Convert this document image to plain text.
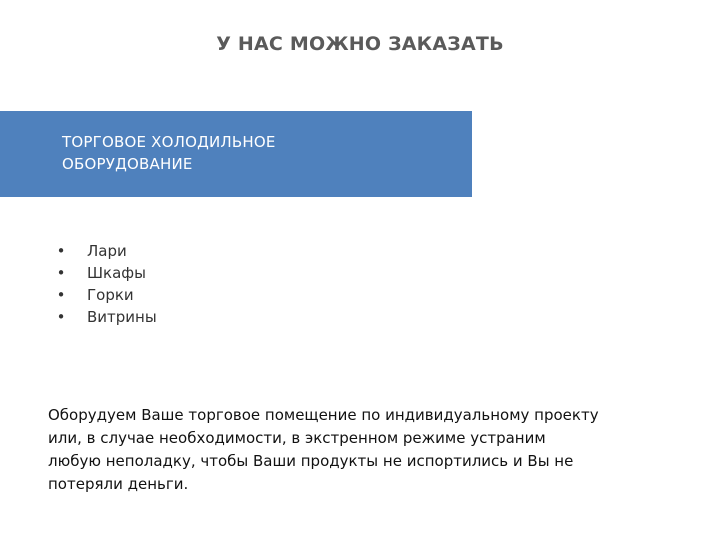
У НАС МОЖНО ЗАКАЗАТЬ
ТОРГОВОЕ ХОЛОДИЛЬНОЕ
ОБОРУДОВАНИЕ
• Лари
• Шкафы
• Горки
• Витрины
Оборудуем Ваше торговое помещение по индивидуальному проекту
или, в случае необходимости, в экстренном режиме устраним
любую неполадку, чтобы Ваши продукты не испортились и Вы не
потеряли деньги.
